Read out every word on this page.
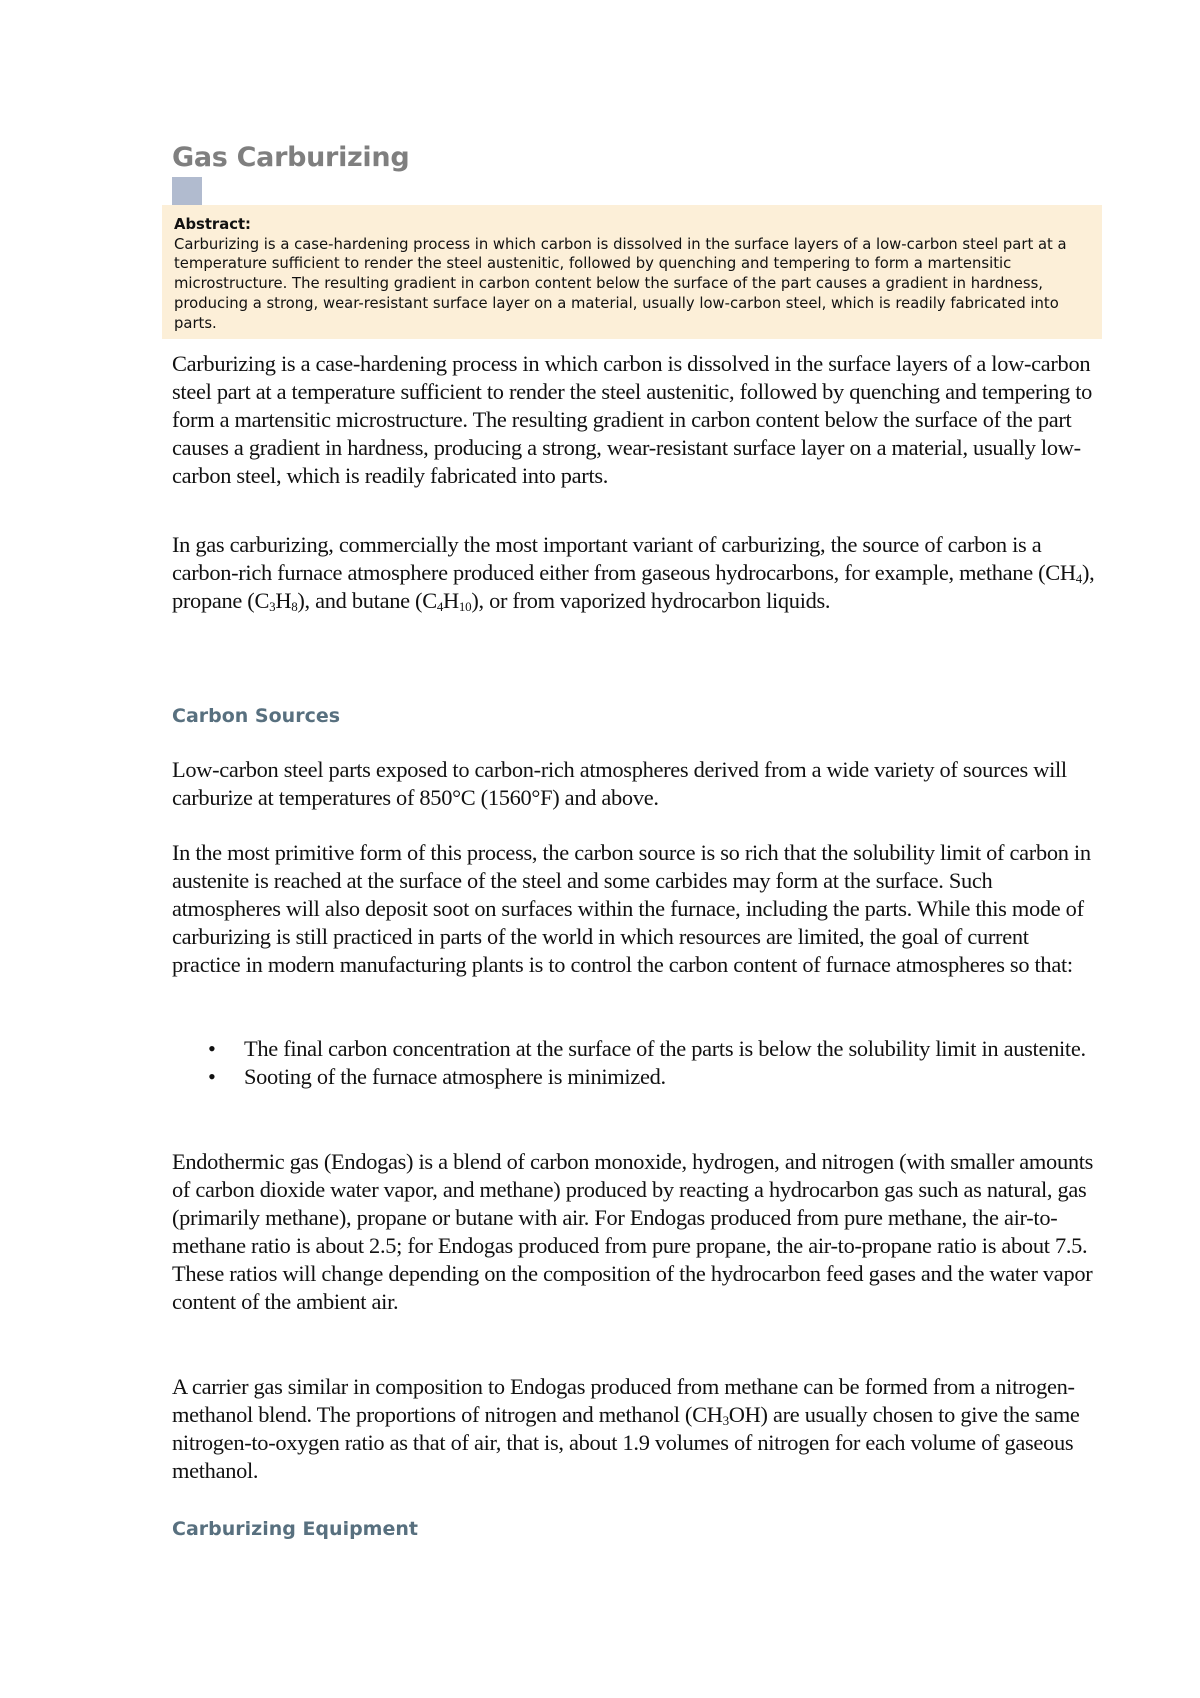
Gas Carburizing
Abstract:
Carburizing is a case-hardening process in which carbon is dissolved in the surface layers of a low-carbon steel part at a temperature sufficient to render the steel austenitic, followed by quenching and tempering to form a martensitic microstructure. The resulting gradient in carbon content below the surface of the part causes a gradient in hardness, producing a strong, wear-resistant surface layer on a material, usually low-carbon steel, which is readily fabricated into parts.

Carburizing is a case-hardening process in which carbon is dissolved in the surface layers of a low-carbon steel part at a temperature sufficient to render the steel austenitic, followed by quenching and tempering to form a martensitic microstructure. The resulting gradient in carbon content below the surface of the part causes a gradient in hardness, producing a strong, wear-resistant surface layer on a material, usually low-carbon steel, which is readily fabricated into parts.

In gas carburizing, commercially the most important variant of carburizing, the source of carbon is a carbon-rich furnace atmosphere produced either from gaseous hydrocarbons, for example, methane $(CH_4)$, propane $(C_3H_8)$, and butane $(C_4H_{10})$, or from vaporized hydrocarbon liquids.

Carbon Sources

Low-carbon steel parts exposed to carbon-rich atmospheres derived from a wide variety of sources will carburize at temperatures of 850°C (1560°F) and above.

In the most primitive form of this process, the carbon source is so rich that the solubility limit of carbon in austenite is reached at the surface of the steel and some carbides may form at the surface. Such atmospheres will also deposit soot on surfaces within the furnace, including the parts. While this mode of carburizing is still practiced in parts of the world in which resources are limited, the goal of current practice in modern manufacturing plants is to control the carbon content of furnace atmospheres so that:

• The final carbon concentration at the surface of the parts is below the solubility limit in austenite.
• Sooting of the furnace atmosphere is minimized.

Endothermic gas (Endogas) is a blend of carbon monoxide, hydrogen, and nitrogen (with smaller amounts of carbon dioxide water vapor, and methane) produced by reacting a hydrocarbon gas such as natural, gas (primarily methane), propane or butane with air. For Endogas produced from pure methane, the air-to-methane ratio is about 2.5; for Endogas produced from pure propane, the air-to-propane ratio is about 7.5. These ratios will change depending on the composition of the hydrocarbon feed gases and the water vapor content of the ambient air.

A carrier gas similar in composition to Endogas produced from methane can be formed from a nitrogen-methanol blend. The proportions of nitrogen and methanol $(CH_3OH)$ are usually chosen to give the same nitrogen-to-oxygen ratio as that of air, that is, about 1.9 volumes of nitrogen for each volume of gaseous methanol.

Carburizing Equipment
